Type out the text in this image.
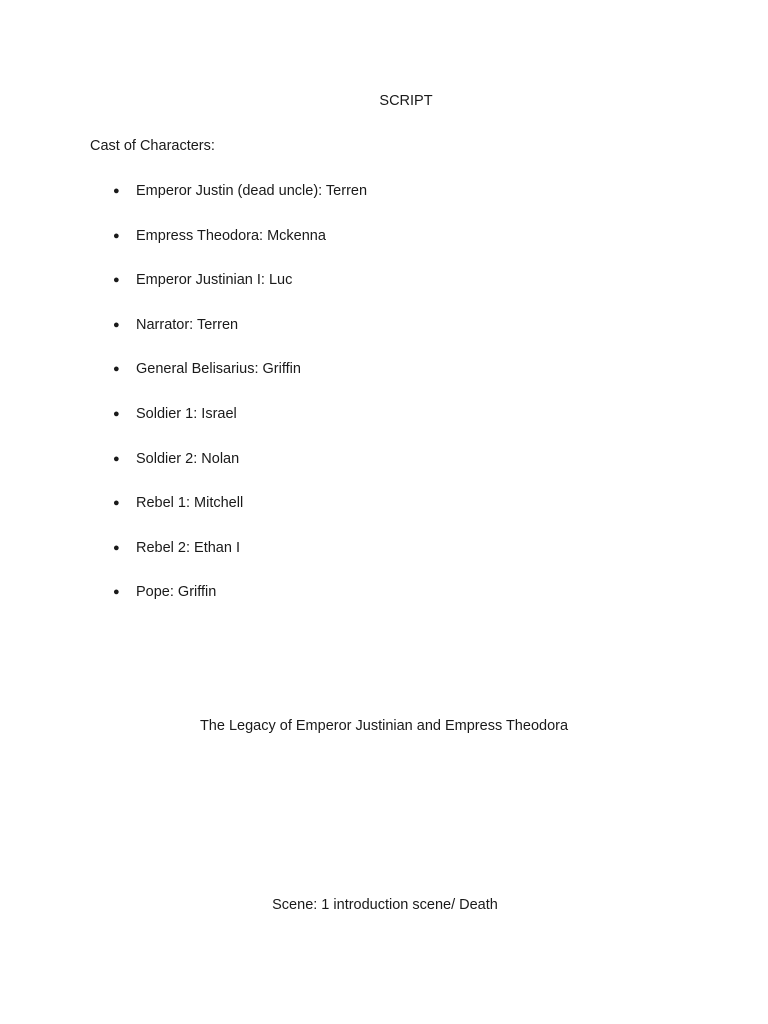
SCRIPT
Cast of Characters:
● Emperor Justin (dead uncle): Terren
● Empress Theodora: Mckenna
● Emperor Justinian I: Luc
● Narrator: Terren
● General Belisarius: Griffin
● Soldier 1: Israel
● Soldier 2: Nolan
● Rebel 1: Mitchell
● Rebel 2: Ethan I
● Pope: Griffin
The Legacy of Emperor Justinian and Empress Theodora
Scene: 1 introduction scene/ Death
